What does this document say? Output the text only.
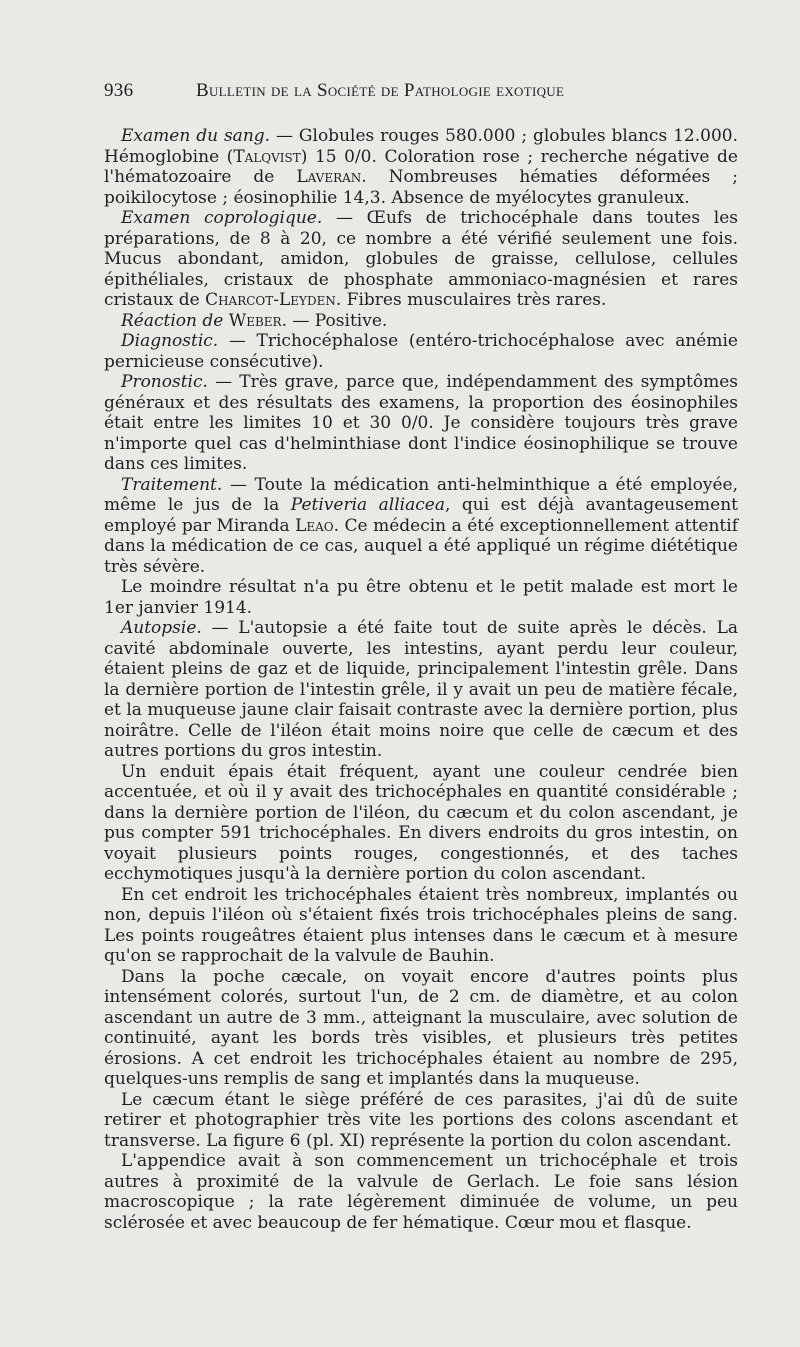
936	Bulletin de la Société de Pathologie exotique

Examen du sang. — Globules rouges 580.000 ; globules blancs 12.000. Hémoglobine (Talqvist) 15 0/0. Coloration rose ; recherche négative de l'hématozoaire de Laveran. Nombreuses hématies déformées ; poikilocytose ; éosinophilie 14,3. Absence de myélocytes granuleux.

Examen coprologique. — Œufs de trichocéphale dans toutes les préparations, de 8 à 20, ce nombre a été vérifié seulement une fois. Mucus abondant, amidon, globules de graisse, cellulose, cellules épithéliales, cristaux de phosphate ammoniaco-magnésien et rares cristaux de Charcot-Leyden. Fibres musculaires très rares.

Réaction de Weber. — Positive.

Diagnostic. — Trichocéphalose (entéro-trichocéphalose avec anémie pernicieuse consécutive).

Pronostic. — Très grave, parce que, indépendamment des symptômes généraux et des résultats des examens, la proportion des éosinophiles était entre les limites 10 et 30 0/0. Je considère toujours très grave n'importe quel cas d'helminthiase dont l'indice éosinophilique se trouve dans ces limites.

Traitement. — Toute la médication anti-helminthique a été employée, même le jus de la Petiveria alliacea, qui est déjà avantageusement employé par Miranda Leao. Ce médecin a été exceptionnellement attentif dans la médication de ce cas, auquel a été appliqué un régime diététique très sévère.

Le moindre résultat n'a pu être obtenu et le petit malade est mort le 1er janvier 1914.

Autopsie. — L'autopsie a été faite tout de suite après le décès. La cavité abdominale ouverte, les intestins, ayant perdu leur couleur, étaient pleins de gaz et de liquide, principalement l'intestin grêle. Dans la dernière portion de l'intestin grêle, il y avait un peu de matière fécale, et la muqueuse jaune clair faisait contraste avec la dernière portion, plus noirâtre. Celle de l'iléon était moins noire que celle de cæcum et des autres portions du gros intestin.

Un enduit épais était fréquent, ayant une couleur cendrée bien accentuée, et où il y avait des trichocéphales en quantité considérable ; dans la dernière portion de l'iléon, du cæcum et du colon ascendant, je pus compter 591 trichocéphales. En divers endroits du gros intestin, on voyait plusieurs points rouges, congestionnés, et des taches ecchymotiques jusqu'à la dernière portion du colon ascendant.

En cet endroit les trichocéphales étaient très nombreux, implantés ou non, depuis l'iléon où s'étaient fixés trois trichocéphales pleins de sang. Les points rougeâtres étaient plus intenses dans le cæcum et à mesure qu'on se rapprochait de la valvule de Bauhin.

Dans la poche cæcale, on voyait encore d'autres points plus intensément colorés, surtout l'un, de 2 cm. de diamètre, et au colon ascendant un autre de 3 mm., atteignant la musculaire, avec solution de continuité, ayant les bords très visibles, et plusieurs très petites érosions. A cet endroit les trichocéphales étaient au nombre de 295, quelques-uns remplis de sang et implantés dans la muqueuse.

Le cæcum étant le siège préféré de ces parasites, j'ai dû de suite retirer et photographier très vite les portions des colons ascendant et transverse. La figure 6 (pl. XI) représente la portion du colon ascendant.

L'appendice avait à son commencement un trichocéphale et trois autres à proximité de la valvule de Gerlach. Le foie sans lésion macroscopique ; la rate légèrement diminuée de volume, un peu sclérosée et avec beaucoup de fer hématique. Cœur mou et flasque.
